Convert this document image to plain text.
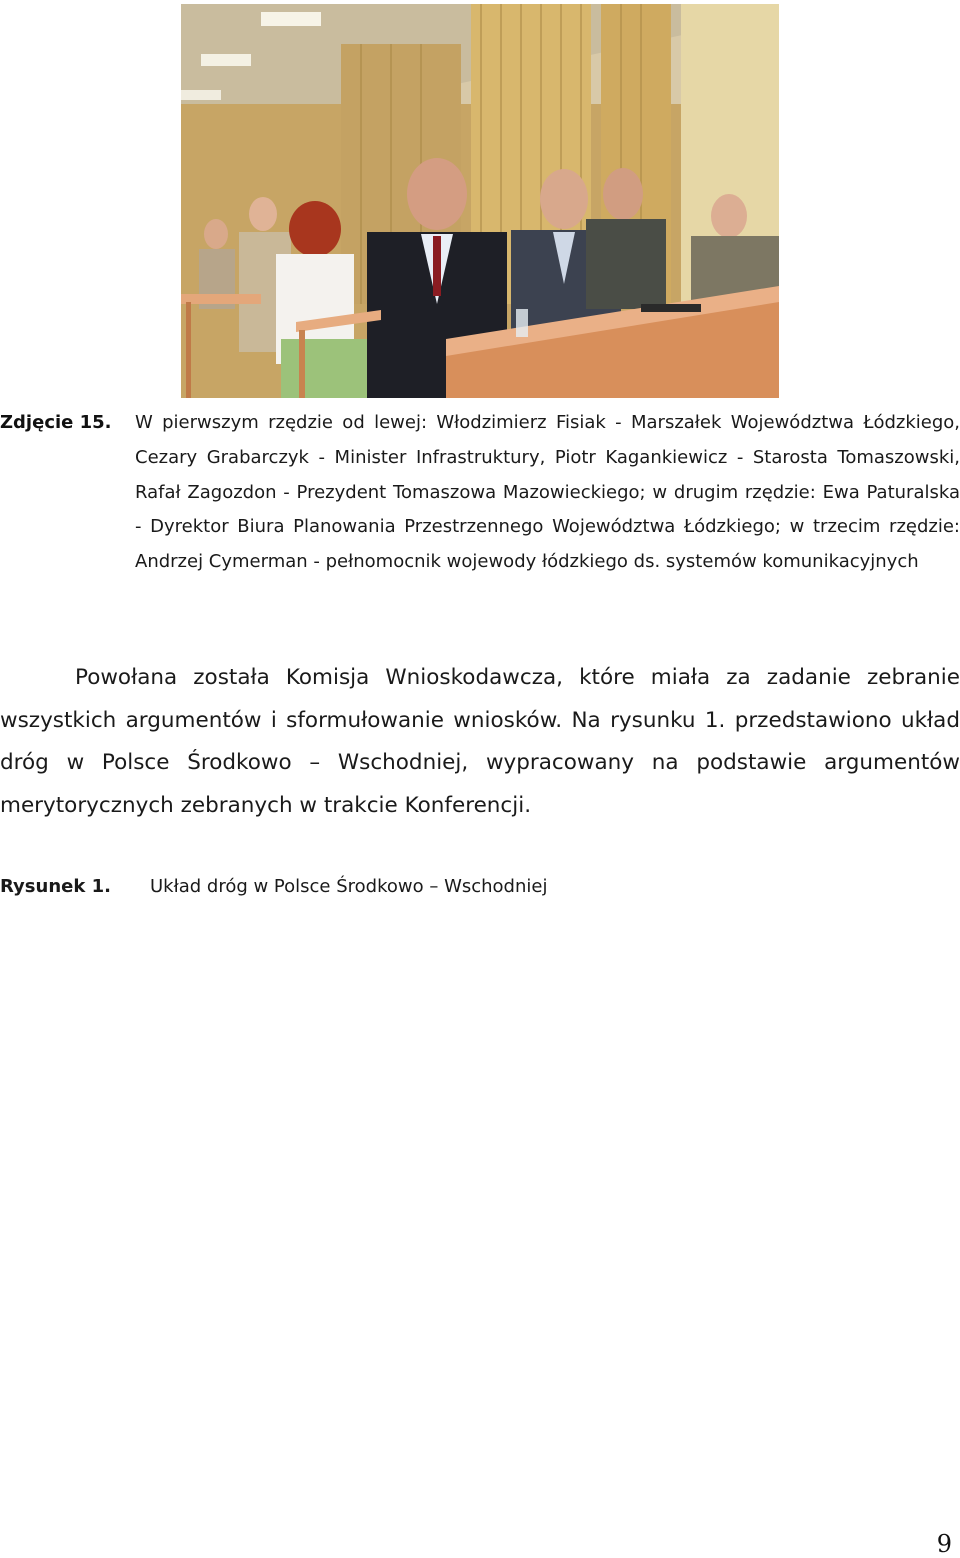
Zdjęcie 15. W pierwszym rzędzie od lewej: Włodzimierz Fisiak - Marszałek Województwa Łódzkiego, Cezary Grabarczyk - Minister Infrastruktury, Piotr Kagankiewicz - Starosta Tomaszowski, Rafał Zagozdon - Prezydent Tomaszowa Mazowieckiego; w drugim rzędzie: Ewa Paturalska - Dyrektor Biura Planowania Przestrzennego Województwa Łódzkiego; w trzecim rzędzie: Andrzej Cymerman - pełnomocnik wojewody łódzkiego ds. systemów komunikacyjnych
Powołana została Komisja Wnioskodawcza, które miała za zadanie zebranie wszystkich argumentów i sformułowanie wniosków. Na rysunku 1. przedstawiono układ dróg w Polsce Środkowo – Wschodniej, wypracowany na podstawie argumentów merytorycznych zebranych w trakcie Konferencji.
Rysunek 1. Układ dróg w Polsce Środkowo – Wschodniej
9
